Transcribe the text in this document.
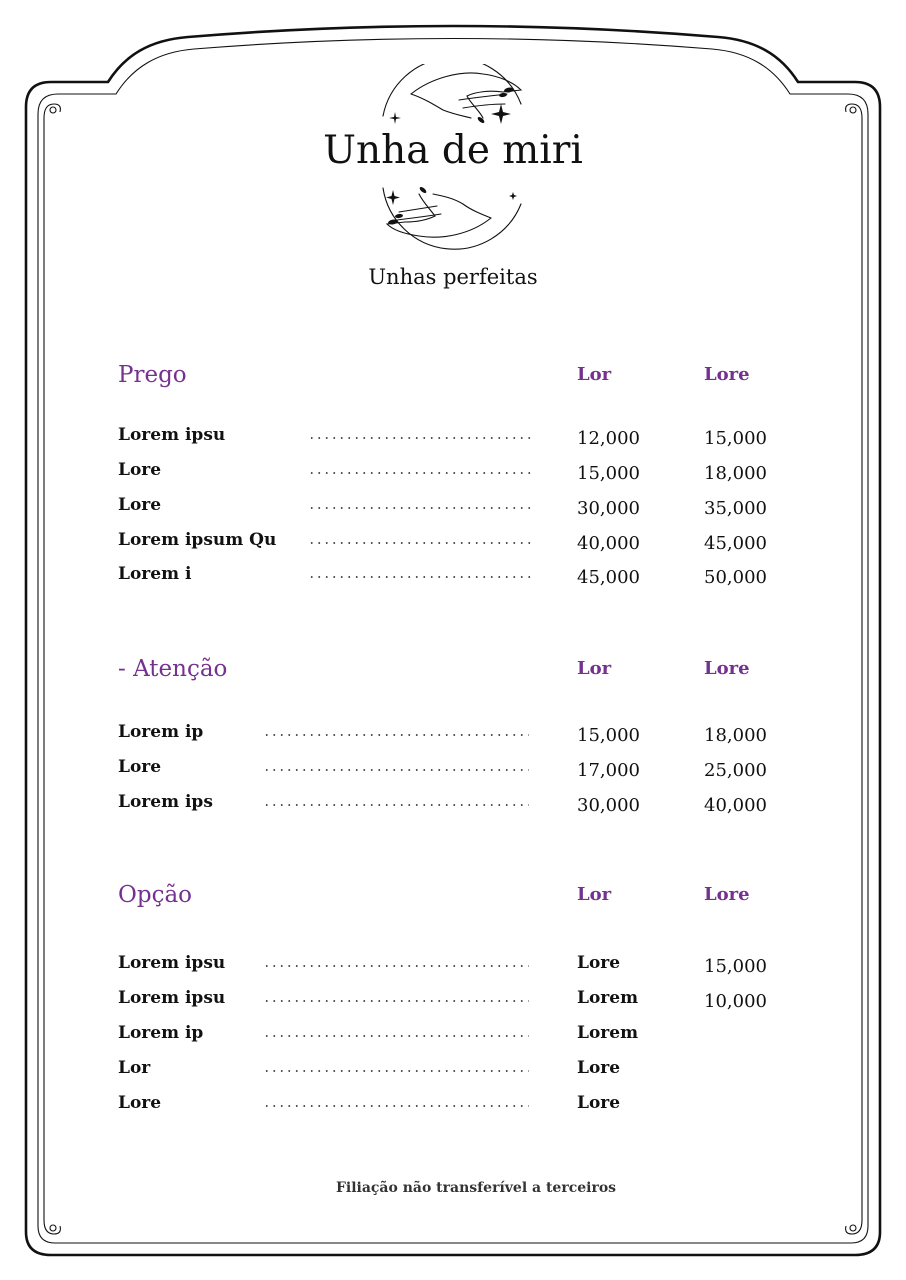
Unha de miri
Unhas perfeitas
Prego	Lor	Lore
Lorem ipsu	12,000	15,000
Lore	15,000	18,000
Lore	30,000	35,000
Lorem ipsum Qu	40,000	45,000
Lorem i	45,000	50,000
- Atenção	Lor	Lore
Lorem ip	15,000	18,000
Lore	17,000	25,000
Lorem ips	30,000	40,000
Opção	Lor	Lore
Lorem ipsu	Lore	15,000
Lorem ipsu	Lorem	10,000
Lorem ip	Lorem
Lor	Lore
Lore	Lore
Filiação não transferível a terceiros
